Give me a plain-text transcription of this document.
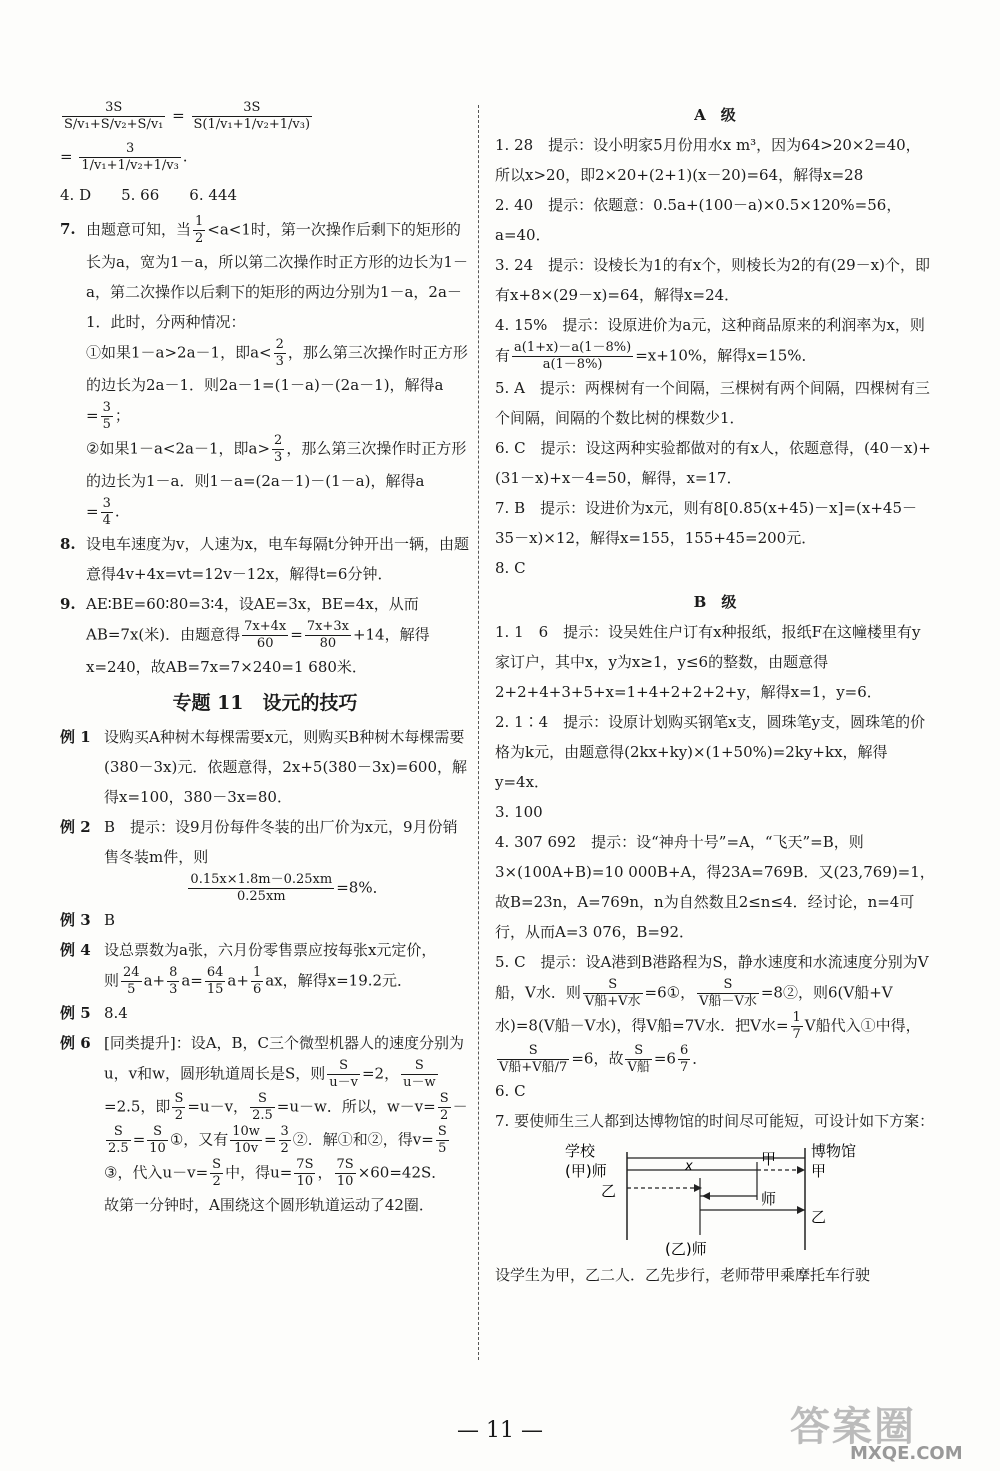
$\frac{3S}{\text{S/v₁+S/v₂+S/v₁}} = \frac{3S}{\text{S(1/v₁+1/v₂+1/v₃)}}$
= $\frac{3}{\text{1/v₁+1/v₂+1/v₃}}$ .
4. D　　5. 66　　6. 444
7. 由题意可知，当 $\frac{1}{2} <a<1$时，第一次操作后剩下的矩形的长为a，宽为1－a，所以第二次操作时正方形的边长为1－a，第二次操作以后剩下的矩形的两边分别为1－a，2a－1．此时，分两种情况：
①如果1－a>2a－1，即$a< \frac{2}{3}$ ，那么第三次操作时正方形的边长为2a－1．则2a－1=(1－a)－(2a－1)，解得a
= $\frac{3}{5}$ ；
②如果1－a<2a－1，即$a> \frac{2}{3}$ ，那么第三次操作时正方形的边长为1－a．则1－a=(2a－1)－(1－a)，解得a
= $\frac{3}{4}$ .
8. 设电车速度为v，人速为x，电车每隔t分钟开出一辆，由题意得4v+4x=vt=12v－12x，解得t=6分钟．
9. AE∶BE=60∶80=3∶4，设AE=3x，BE=4x，从而AB=7x(米)．由题意得 $\frac{7x+4x}{60} = \frac{7x+3x}{80} +14$，解得x=240，故AB=7x=7×240=1 680米．
专题 11　设元的技巧
例 1 设购买A种树木每棵需要x元，则购买B种树木每棵需要(380－3x)元．依题意得，2x+5(380－3x)=600，解得x=100，380－3x=80．
例 2 B　提示：设9月份每件冬装的出厂价为x元，9月份销售冬装m件，则

$\frac{0.15x\times 1.8m-0.25xm}{0.25xm} =8\%$．
例 3 B
例 4 设总票数为a张，六月份零售票应按每张x元定价，
则 $\frac{24}{5} a+ \frac{8}{3} a= \frac{64}{15} a+ \frac{1}{6}$ ax，解得x=19.2元．
例 5 8.4
例 6 [同类提升]：设A，B，C三个微型机器人的速度分别为u，v和w，圆形轨道周长是S，则 $\frac{S}{u-v} =2$， $\frac{S}{u-w}$
=2.5，即 $\frac{S}{2} =u-v$， $\frac{S}{2.5} =u-w$．所以，$w-v= \frac{S}{2}$ －
$\frac{S}{2.5} = \frac{S}{10}$ ①，又有 $\frac{10w}{10v} = \frac{3}{2}$ ②．解①和②，得$v= \frac{S}{5}$
③，代入$u-v= \frac{S}{2}$ 中，得$u= \frac{7S}{10}$ ， $\frac{7S}{10} \times 60=42S$．
故第一分钟时，A围绕这个圆形轨道运动了42圈．
A　级
1. 28　提示：设小明家5月份用水x m³，因为64>20×2=40，所以x>20，即2×20+(2+1)(x－20)=64，解得x=28
2. 40　提示：依题意：0.5a+(100－a)×0.5×120%=56，a=40．
3. 24　提示：设棱长为1的有x个，则棱长为2的有(29－x)个，即有x+8×(29－x)=64，解得x=24．
4. 15%　提示：设原进价为a元，这种商品原来的利润率为x，则有 $\frac{a(1+x)-a(1-8\%)}{a(1-8\%)} =x+10\%$，解得x=15%．
5. A　提示：两棵树有一个间隔，三棵树有两个间隔，四棵树有三个间隔，间隔的个数比树的棵数少1．
6. C　提示：设这两种实验都做对的有x人，依题意得，(40－x)+(31－x)+x－4=50，解得，x=17．
7. B　提示：设进价为x元，则有8[0.85(x+45)－x]=(x+45－35－x)×12，解得x=155，155+45=200元．
8. C
B　级
1. 1　6　提示：设吴姓住户订有x种报纸，报纸F在这幢楼里有y家订户，其中x，y为x≥1，y≤6的整数，由题意得2+2+4+3+5+x=1+4+2+2+2+y，解得x=1，y=6．
2. 1∶4　提示：设原计划购买钢笔x支，圆珠笔y支，圆珠笔的价格为k元，由题意得(2kx+ky)×(1+50%)=2ky+kx，解得y=4x．
3. 100
4. 307 692　提示：设“神舟十号”=A，“飞天”=B，则3×(100A+B)=10 000B+A，得23A=769B．又(23,769)=1，故B=23n，A=769n，n为自然数且2≤n≤4．经讨论，n=4可行，从而A=3 076，B=92．
5. C　提示：设A港到B港路程为S，静水速度和水流速度分别为V船，V水．则 $\frac{S}{\text{V船+V水}}$ =6①， $\frac{S}{\text{V船－V水}}$ =8②，则6(V船+V水)=8(V船－V水)，得V船=7V水．把V水= $\frac{1}{7}$ V船代入①中得，
$\frac{S}{\text{V船+V船/7}} =6$，故 $\frac{S}{\text{V船}} =6 \frac{6}{7}$ ．
6. C
7. 要使师生三人都到达博物馆的时间尽可能短，可设计如下方案：
学校
(甲)师
乙
x	甲
师
博物馆
甲
乙
(乙)师
设学生为甲，乙二人．乙先步行，老师带甲乘摩托车行驶
— 11 —	答案圈
MXQE.COM
